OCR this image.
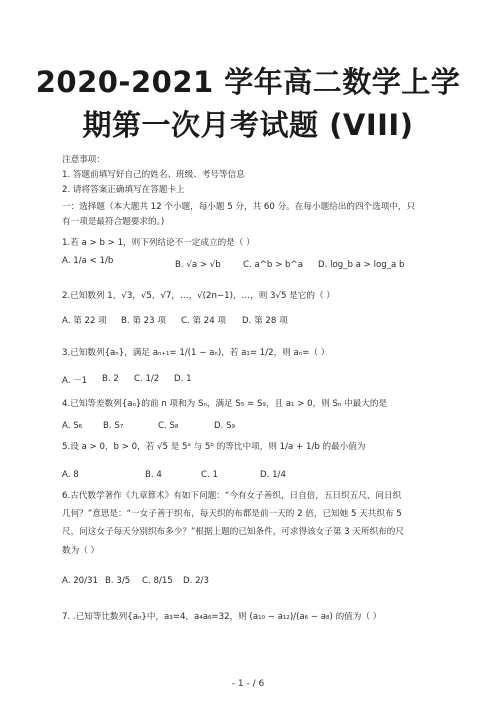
2020-2021 学年高二数学上学
期第一次月考试题 (VIII)
注意事项：
1. 答题前填写好自己的姓名、班级、考号等信息
2. 请将答案正确填写在答题卡上
一：选择题（本大题共 12 个小题，每小题 5 分，共 60 分。在每小题给出的四个选项中，只
有一项是最符合题要求的。)
1.若 a > b > 1，则下列结论不一定成立的是（ ）
A. 1/a < 1/b	B. √a > √b	C. a^b > b^a D. log_b a > log_a b
2.已知数列 1，√3，√5，√7，…，√(2n−1)，…，则 3√5 是它的（ ）
A. 第 22 项 B. 第 23 项 C. 第 24 项 D. 第 28 项
3.已知数列{aₙ}，满足 aₙ₊₁= 1/(1 − aₙ)，若 a₁= 1/2，则 aₙ=（ ）
A. －1 B. 2 C. 1/2 D. 1
4.已知等差数列{aₙ}的前 n 项和为 Sₙ，满足 S₅ = S₉，且 a₁ > 0，则 Sₙ 中最大的是
A. S₆ B. S₇	C. S₈	D. S₉
5.设 a > 0，b > 0，若 √5 是 5ᵃ 与 5ᵇ 的等比中项，则 1/a + 1/b 的最小值为
A. 8	B. 4	C. 1	D. 1/4
6.古代数学著作《九章算术》有如下问题：“今有女子善织，日自倍，五日织五尺，问日织
几何？”意思是：“一女子善于织布，每天织的布都是前一天的 2 倍，已知她 5 天共织布 5
尺，问这女子每天分别织布多少？”根据上题的已知条件，可求得该女子第 3 天所织布的尺
数为（ ）
A. 20/31 B. 3/5 C. 8/15 D. 2/3
7. .已知等比数列{aₙ}中，a₃=4，a₄a₆=32，则 (a₁₀ − a₁₂)/(a₆ − a₈) 的值为（ ）
- 1 - / 6
